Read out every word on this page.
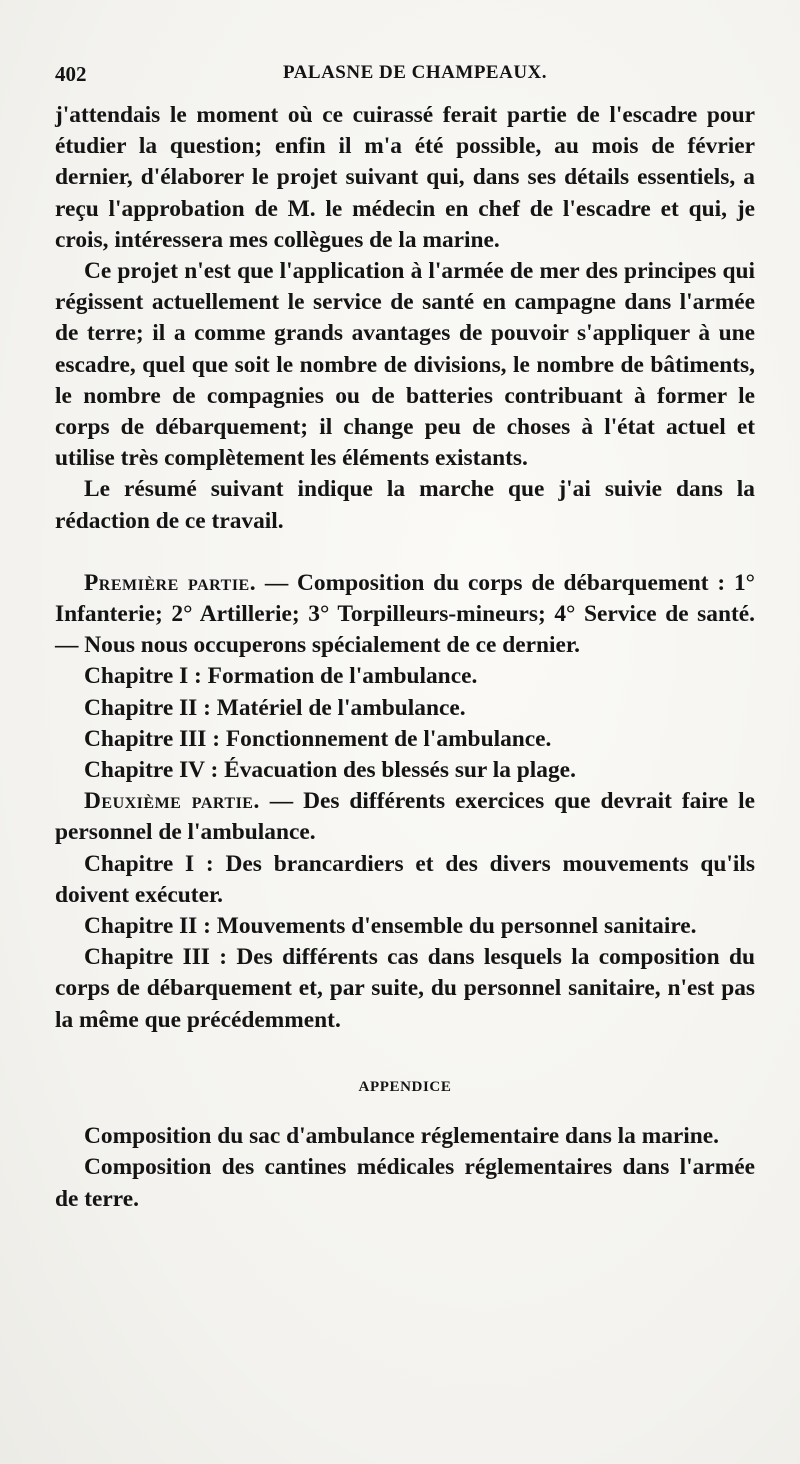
402	PALASNE DE CHAMPEAUX.

j'attendais le moment où ce cuirassé ferait partie de l'escadre pour étudier la question; enfin il m'a été possible, au mois de février dernier, d'élaborer le projet suivant qui, dans ses détails essentiels, a reçu l'approbation de M. le médecin en chef de l'escadre et qui, je crois, intéressera mes collègues de la marine.

Ce projet n'est que l'application à l'armée de mer des principes qui régissent actuellement le service de santé en campagne dans l'armée de terre; il a comme grands avantages de pouvoir s'appliquer à une escadre, quel que soit le nombre de divisions, le nombre de bâtiments, le nombre de compagnies ou de batteries contribuant à former le corps de débarquement; il change peu de choses à l'état actuel et utilise très complètement les éléments existants.

Le résumé suivant indique la marche que j'ai suivie dans la rédaction de ce travail.

Première partie. — Composition du corps de débarquement : 1° Infanterie; 2° Artillerie; 3° Torpilleurs-mineurs; 4° Service de santé. — Nous nous occuperons spécialement de ce dernier.

Chapitre I : Formation de l'ambulance.

Chapitre II : Matériel de l'ambulance.

Chapitre III : Fonctionnement de l'ambulance.

Chapitre IV : Évacuation des blessés sur la plage.

Deuxième partie. — Des différents exercices que devrait faire le personnel de l'ambulance.

Chapitre I : Des brancardiers et des divers mouvements qu'ils doivent exécuter.

Chapitre II : Mouvements d'ensemble du personnel sanitaire.

Chapitre III : Des différents cas dans lesquels la composition du corps de débarquement et, par suite, du personnel sanitaire, n'est pas la même que précédemment.

APPENDICE

Composition du sac d'ambulance réglementaire dans la marine.

Composition des cantines médicales réglementaires dans l'armée de terre.
